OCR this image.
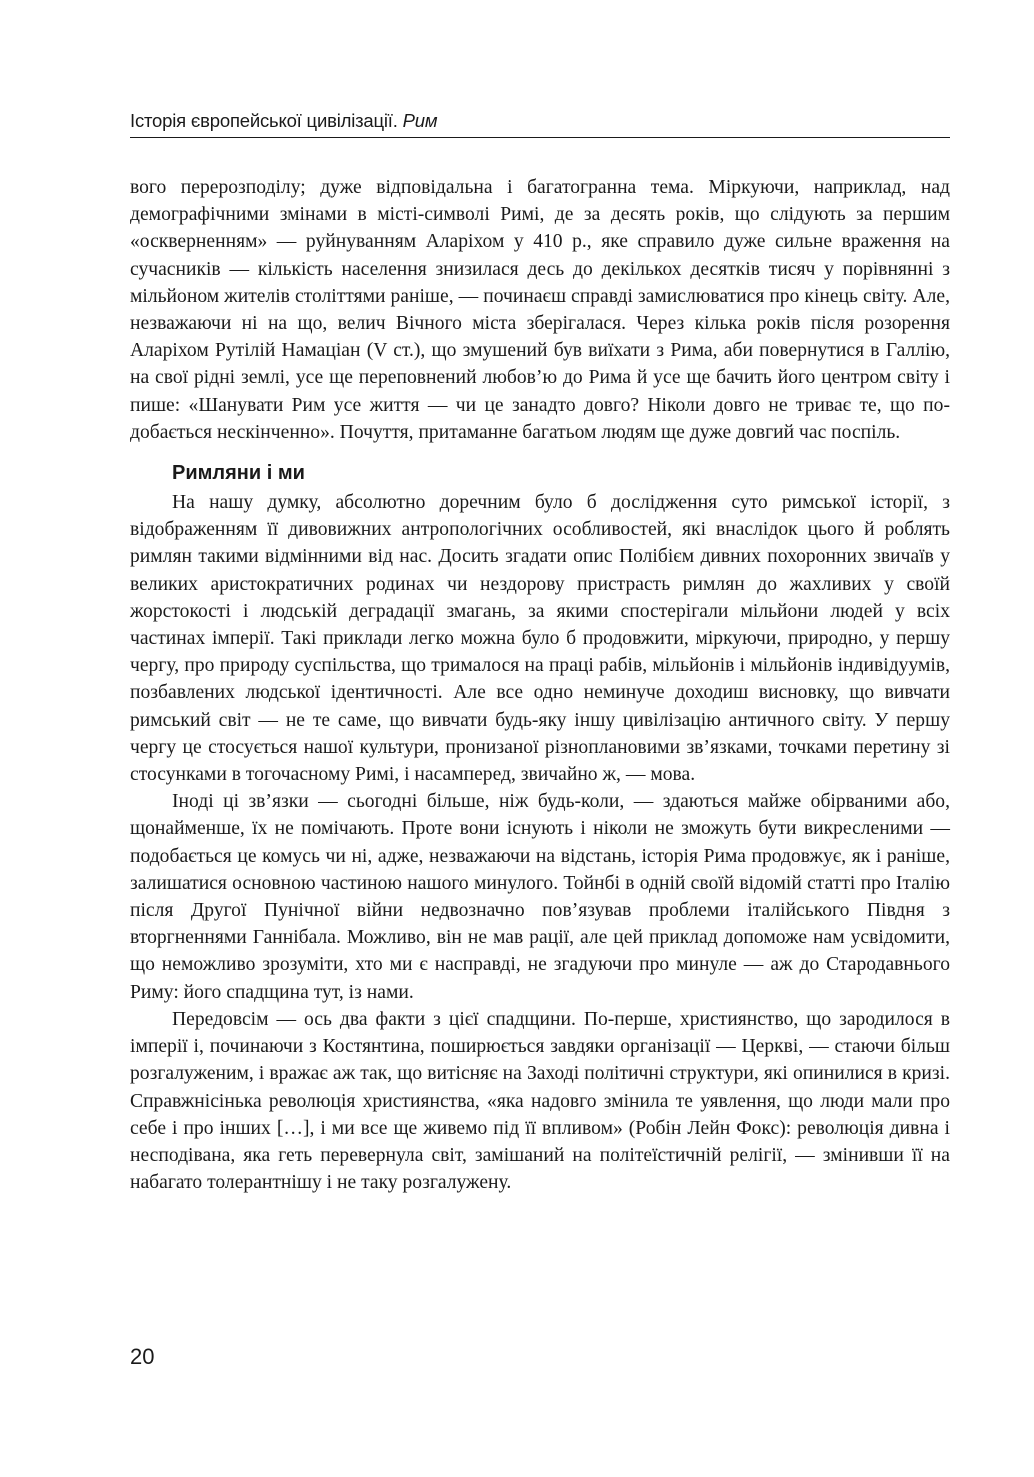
Історія європейської цивілізації. Рим

вого перерозподілу; дуже відповідальна і багатогранна тема. Міркуючи, наприклад, над демографічними змінами в місті-символі Римі, де за десять років, що слідують за першим «оскверненням» — руйнуванням Аларіхом у 410 р., яке справило дуже сильне враження на сучасників — кількість населення знизилася десь до декількох десятків тисяч у порівнянні з мільйоном жителів століттями раніше, — починаєш справді замислюватися про кінець світу. Але, незважаючи ні на що, велич Вічного міста зберігалася. Через кілька років після розорення Аларіхом Рутілій Намаціан (V ст.), що змушений був виїхати з Рима, аби повернутися в Галлію, на свої рідні землі, усе ще переповнений любов’ю до Рима й усе ще бачить його центром світу і пише: «Шанувати Рим усе життя — чи це занадто довго? Ніколи довго не триває те, що подобається нескінченно». Почуття, притаманне багатьом людям ще дуже довгий час поспіль.

Римляни і ми

На нашу думку, абсолютно доречним було б дослідження суто римської історії, з відображенням її дивовижних антропологічних особливостей, які внаслідок цього й роблять римлян такими відмінними від нас. Досить згадати опис Полібієм дивних похоронних звичаїв у великих аристократичних родинах чи нездорову пристрасть римлян до жахливих у своїй жорстокості і людській деградації змагань, за якими спостерігали мільйони людей у всіх частинах імперії. Такі приклади легко можна було б продовжити, міркуючи, природно, у першу чергу, про природу суспільства, що трималося на праці рабів, мільйонів і мільйонів індивідуумів, позбавлених людської ідентичності. Але все одно неминуче доходиш висновку, що вивчати римський світ — не те саме, що вивчати будь-яку іншу цивілізацію античного світу. У першу чергу це стосується нашої культури, пронизаної різноплановими зв’язками, точками перетину зі стосунками в тогочасному Римі, і насамперед, звичайно ж, — мова.

Іноді ці зв’язки — сьогодні більше, ніж будь-коли, — здаються майже обірваними або, щонайменше, їх не помічають. Проте вони існують і ніколи не зможуть бути викресленими — подобається це комусь чи ні, адже, незважаючи на відстань, історія Рима продовжує, як і раніше, залишатися основною частиною нашого минулого. Тойнбі в одній своїй відомій статті про Італію після Другої Пунічної війни недвозначно пов’язував проблеми італійського Півдня з вторгненнями Ганнібала. Можливо, він не мав рації, але цей приклад допоможе нам усвідомити, що неможливо зрозуміти, хто ми є насправді, не згадуючи про минуле — аж до Стародавнього Риму: його спадщина тут, із нами.

Передовсім — ось два факти з цієї спадщини. По-перше, християнство, що зародилося в імперії і, починаючи з Костянтина, поширюється завдяки організації — Церкві, — стаючи більш розгалуженим, і вражає аж так, що витісняє на Заході політичні структури, які опинилися в кризі. Справжнісінька революція християнства, «яка надовго змінила те уявлення, що люди мали про себе і про інших […], і ми все ще живемо під її впливом» (Робін Лейн Фокс): революція дивна і несподівана, яка геть перевернула світ, замішаний на політеїстичній релігії, — змінивши її на набагато толерантнішу і не таку розгалужену.

20
